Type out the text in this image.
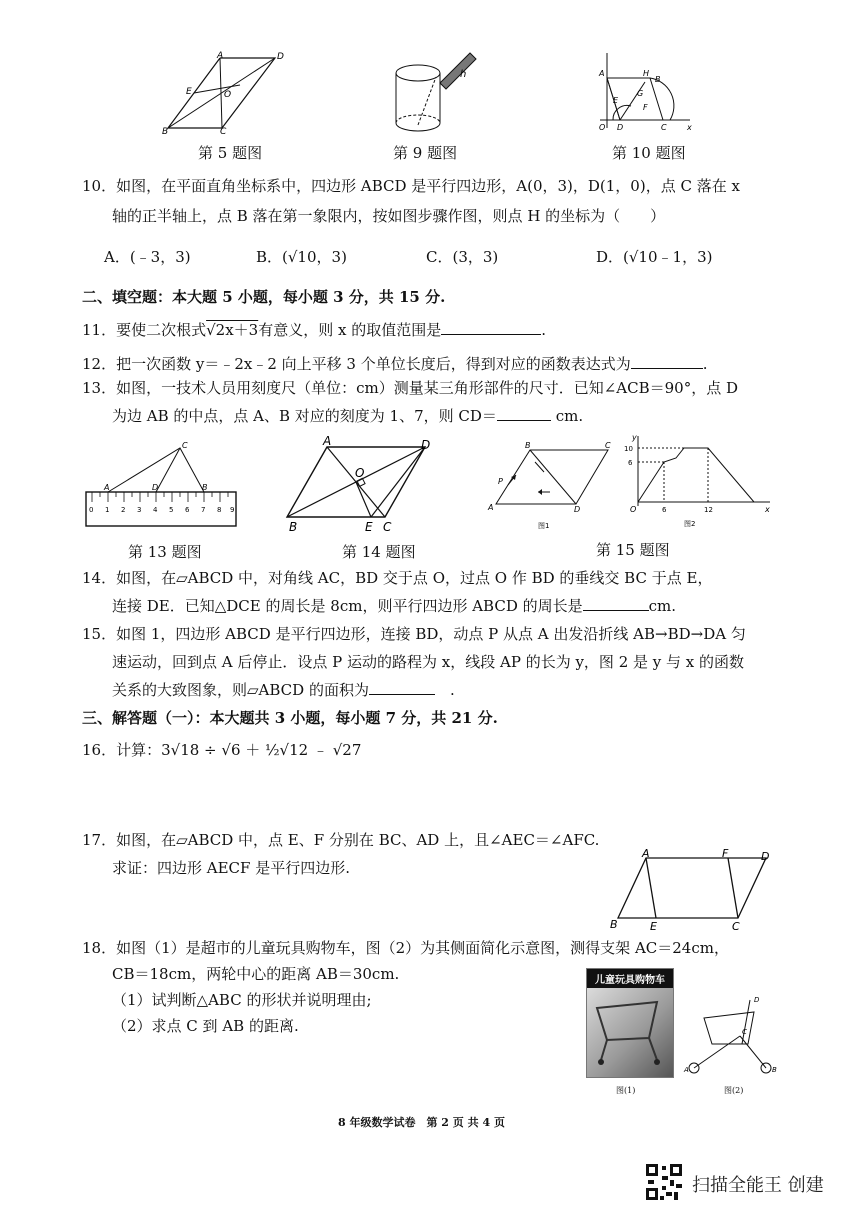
A	D
E	O
B	C
第 5 题图
h
第 9 题图
A	H
B
E
G
F
O D	C	x
第 10 题图
10．如图，在平面直角坐标系中，四边形 ABCD 是平行四边形，A(0，3)，D(1，0)，点 C 落在 x
轴的正半轴上，点 B 落在第一象限内，按如图步骤作图，则点 H 的坐标为（　　）
A．(﹣3，3)	B．(√10，3)	C．(3，3)	D．(√10﹣1，3)
二、填空题：本大题 5 小题，每小题 3 分，共 15 分.
11．要使二次根式√2x＋3有意义，则 x 的取值范围是	.
12．把一次函数 y＝﹣2x﹣2 向上平移 3 个单位长度后，得到对应的函数表达式为	.
13．如图，一技术人员用刻度尺（单位：cm）测量某三角形部件的尺寸．已知∠ACB＝90°，点 D
为边 AB 的中点，点 A、B 对应的刻度为 1、7，则 CD＝	cm.
C
A	D	B
0 1 2 3 4 5 6 7 8 9
第 13 题图
A	D
O
B	E C
第 14 题图
B	C
P
A	D
图1
y
10
6
O	6	12	x
图2
第 15 题图
14．如图，在▱ABCD 中，对角线 AC，BD 交于点 O，过点 O 作 BD 的垂线交 BC 于点 E，
连接 DE．已知△DCE 的周长是 8cm，则平行四边形 ABCD 的周长是	cm.
15．如图 1，四边形 ABCD 是平行四边形，连接 BD，动点 P 从点 A 出发沿折线 AB→BD→DA 匀
速运动，回到点 A 后停止．设点 P 运动的路程为 x，线段 AP 的长为 y，图 2 是 y 与 x 的函数
关系的大致图象，则▱ABCD 的面积为	　.
三、解答题（一）：本大题共 3 小题，每小题 7 分，共 21 分.
16．计算：3√18 ÷ √6 ＋ ½√12 ﹣ √27
17．如图，在▱ABCD 中，点 E、F 分别在 BC、AD 上，且∠AEC＝∠AFC.
求证：四边形 AECF 是平行四边形.
A	F	D
B	E	C
18．如图（1）是超市的儿童玩具购物车，图（2）为其侧面简化示意图，测得支架 AC＝24cm，
CB＝18cm，两轮中心的距离 AB＝30cm.
（1）试判断△ABC 的形状并说明理由;
（2）求点 C 到 AB 的距离.
儿童玩具购物车
图(1)
D
C
A	B
图(2)
8 年级数学试卷　第 2 页 共 4 页
扫描全能王 创建
